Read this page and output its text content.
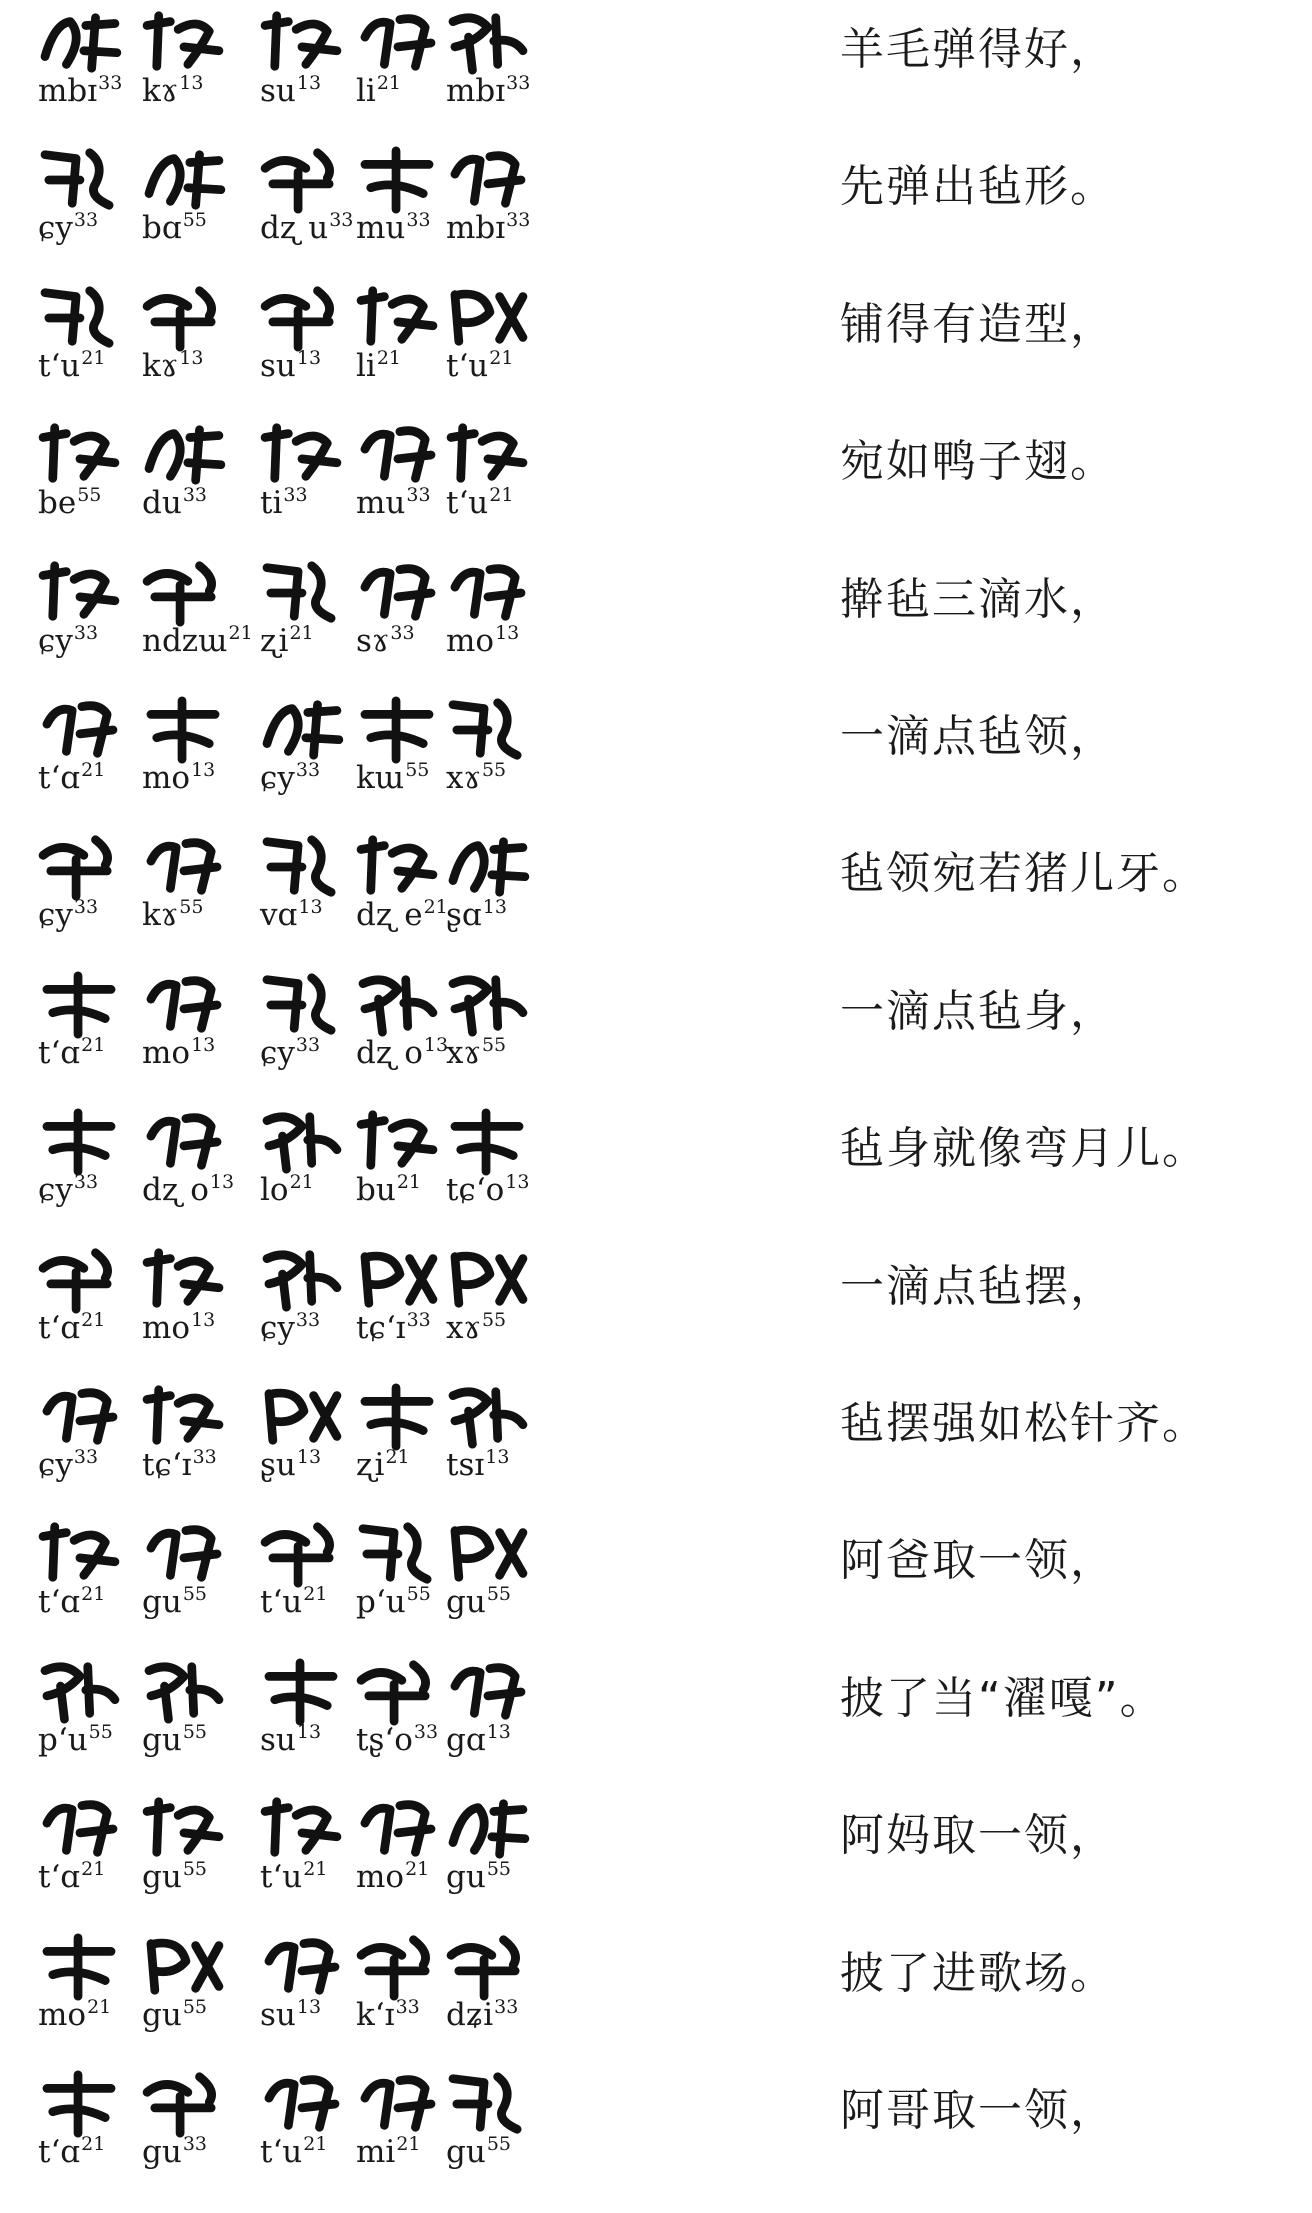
mbɪ$^{33}$ kɤ$^{13}$ $su^{13}$ $li^{21}$ mbɪ$^{33}$
羊毛弹得好，
ɕy$^{33}$ bɑ$^{55}$ dʐ $u^{33}$ $mu^{33}$ mbɪ$^{33}$
先弹出毡形。
$t‘u^{21}$ kɤ$^{13}$ $su^{13}$ $li^{21}$ $t‘u^{21}$
铺得有造型，
$be^{55}$ $du^{33}$ $ti^{33}$ $mu^{33}$ $t‘u^{21}$
宛如鸭子翅。
ɕy$^{33}$ ndzɯ$^{21}$ ʐi$^{21}$ sɤ$^{33}$ $mo^{13}$
擀毡三滴水，
t‘ɑ$^{21}$ $mo^{13}$ ɕy$^{33}$ kɯ$^{55}$ xɤ$^{55}$
一滴点毡领，
ɕy$^{33}$ kɤ$^{55}$ vɑ$^{13}$ dʐ $e^{21}$
ʂɑ$^{13}$
毡领宛若猪儿牙。
t‘ɑ$^{21}$ $mo^{13}$ ɕy$^{33}$ dʐ $o^{13}$
xɤ$^{55}$
一滴点毡身，
ɕy$^{33}$ dʐ $o^{13}$ $lo^{21}$ $bu^{21}$ $tɕ‘o^{13}$
毡身就像弯月儿。
t‘ɑ$^{21}$ $mo^{13}$ ɕy$^{33}$ tɕ‘ɪ$^{33}$ xɤ$^{55}$
一滴点毡摆，
ɕy$^{33}$ tɕ‘ɪ$^{33}$ ʂu$^{13}$ ʐi$^{21}$ tsɪ$^{13}$
毡摆强如松针齐。
t‘ɑ$^{21}$ $gu^{55}$ $t‘u^{21}$ $p‘u^{55}$ $gu^{55}$
阿爸取一领，
$p‘u^{55}$ $gu^{55}$ $su^{13}$ $tʂ‘o^{33}$ gɑ$^{13}$
披了当“濯嘎”。
t‘ɑ$^{21}$ $gu^{55}$ $t‘u^{21}$ $mo^{21}$ $gu^{55}$
阿妈取一领，
$mo^{21}$ $gu^{55}$ $su^{13}$ k‘ɪ$^{33}$ dʑi$^{33}$
披了进歌场。
t‘ɑ$^{21}$ $gu^{33}$ $t‘u^{21}$ $mi^{21}$ $gu^{55}$
阿哥取一领，
